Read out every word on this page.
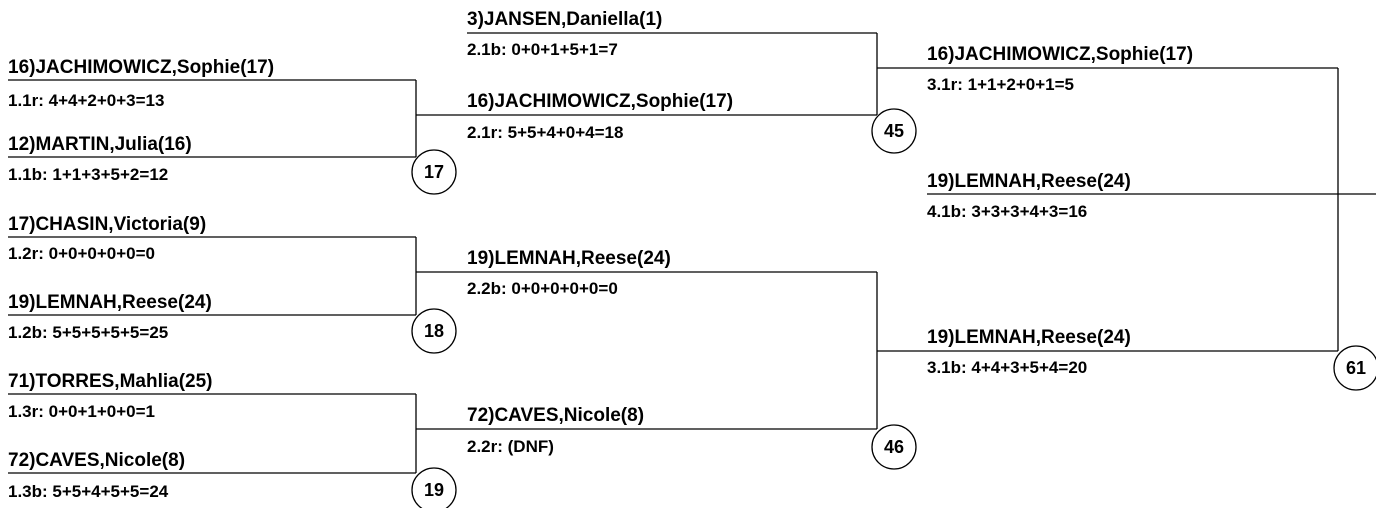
16)JACHIMOWICZ,Sophie(17)
1.1r: 4+4+2+0+3=13
12)MARTIN,Julia(16)
1.1b: 1+1+3+5+2=12
17)CHASIN,Victoria(9)
1.2r: 0+0+0+0+0=0
19)LEMNAH,Reese(24)
1.2b: 5+5+5+5+5=25
71)TORRES,Mahlia(25)
1.3r: 0+0+1+0+0=1
72)CAVES,Nicole(8)
1.3b: 5+5+4+5+5=24
3)JANSEN,Daniella(1)
2.1b: 0+0+1+5+1=7
16)JACHIMOWICZ,Sophie(17)
2.1r: 5+5+4+0+4=18
19)LEMNAH,Reese(24)
2.2b: 0+0+0+0+0=0
72)CAVES,Nicole(8)
2.2r: (DNF)
16)JACHIMOWICZ,Sophie(17)
3.1r: 1+1+2+0+1=5
19)LEMNAH,Reese(24)
4.1b: 3+3+3+4+3=16
19)LEMNAH,Reese(24)
3.1b: 4+4+3+5+4=20
17
18
19
45
46
61
